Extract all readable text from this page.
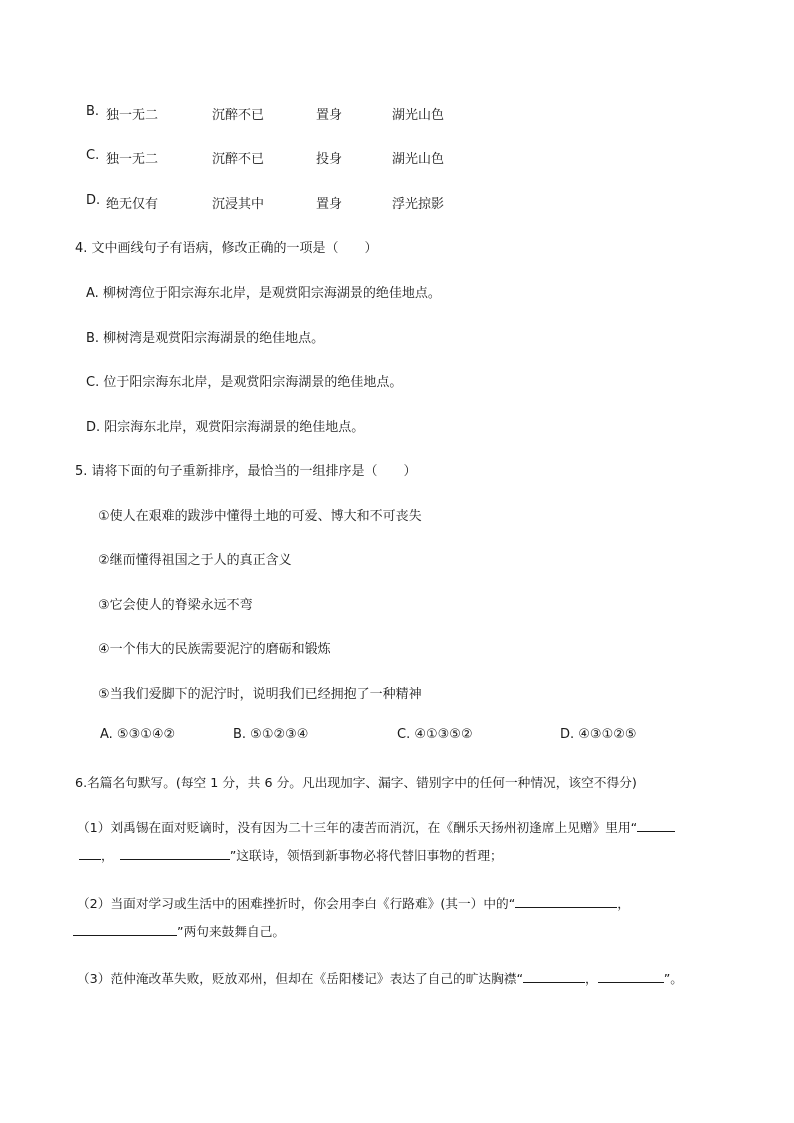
B. 独一无二	沉醉不已	置身	湖光山色
C. 独一无二	沉醉不已	投身	湖光山色
D. 绝无仅有	沉浸其中	置身	浮光掠影
4. 文中画线句子有语病，修改正确的一项是（　　）
A. 柳树湾位于阳宗海东北岸，是观赏阳宗海湖景的绝佳地点。
B. 柳树湾是观赏阳宗海湖景的绝佳地点。
C. 位于阳宗海东北岸，是观赏阳宗海湖景的绝佳地点。
D. 阳宗海东北岸，观赏阳宗海湖景的绝佳地点。
5. 请将下面的句子重新排序，最恰当的一组排序是（　　）
①使人在艰难的跋涉中懂得土地的可爱、博大和不可丧失
②继而懂得祖国之于人的真正含义
③它会使人的脊梁永远不弯
④一个伟大的民族需要泥泞的磨砺和锻炼
⑤当我们爱脚下的泥泞时，说明我们已经拥抱了一种精神
A. ⑤③①④②	B. ⑤①②③④	C. ④①③⑤②	D. ④③①②⑤
6.名篇名句默写。(每空 1 分，共 6 分。凡出现加字、漏字、错别字中的任何一种情况，该空不得分)
（1）刘禹锡在面对贬谪时，没有因为二十三年的凄苦而消沉，在《酬乐天扬州初逢席上见赠》里用“
，	”这联诗，领悟到新事物必将代替旧事物的哲理；
（2）当面对学习或生活中的困难挫折时，你会用李白《行路难》(其一）中的“	，
”两句来鼓舞自己。
（3）范仲淹改革失败，贬放邓州，但却在《岳阳楼记》表达了自己的旷达胸襟“	，	”。
